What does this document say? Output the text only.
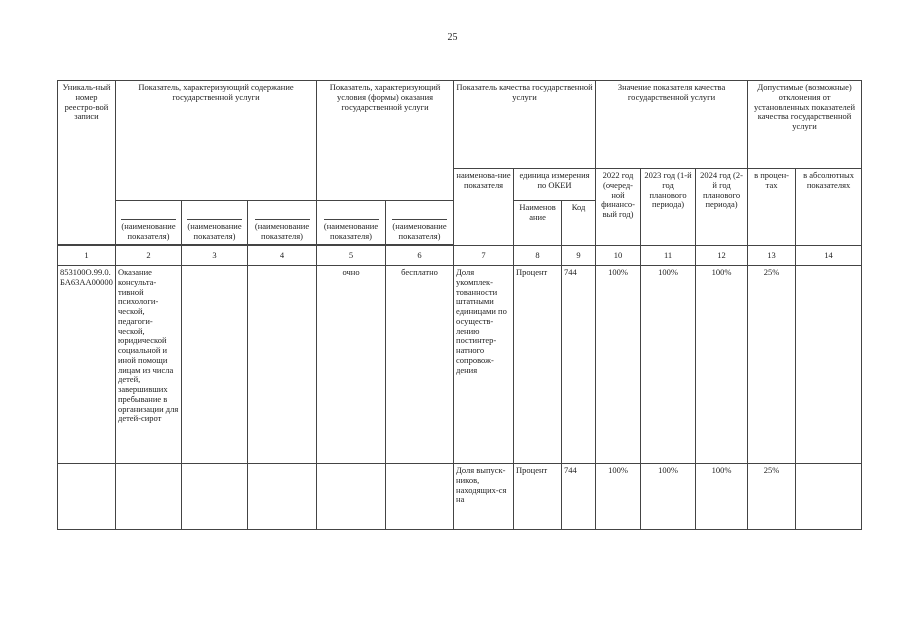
25
Уникаль-ный номер реестро-вой записи	Показатель, характеризующий содержание государственной услуги			Показатель, характеризующий условия (формы) оказания государственной услуги		Показатель качества государственной услуги			Значение показателя качества государственной услуги			Допустимые (возможные) отклонения от установленных показателей качества государственной услуги	
						наименова-ние показателя	единица измерения по ОКЕИ		2022 год (очеред-ной финансо-вый год)	2023 год (1-й год планового периода)	2024 год (2-й год планового периода)	в процен-тах	в абсолютных показателях

(наименование показателя)	(наименование показателя)	(наименование показателя)	(наименование показателя)	(наименование показателя)		Наименов ание	Код					

1	2	3	4	5	6	7	8	9	10	11	12	13	14
853100О.99.0.БА63АА00000	Оказание консульта-тивной психологи-ческой, педагоги-ческой, юридической социальной и иной помощи лицам из числа детей, завершивших пребывание в организации для детей-сирот			очно	бесплатно	Доля укомплек-тованности штатными единицами по осуществ-лению постинтер-натного сопровож-дения	Процент	744	100%	100%	100%	25%	
						Доля выпуск-ников, находящих-ся на	Процент	744	100%	100%	100%	25%	
